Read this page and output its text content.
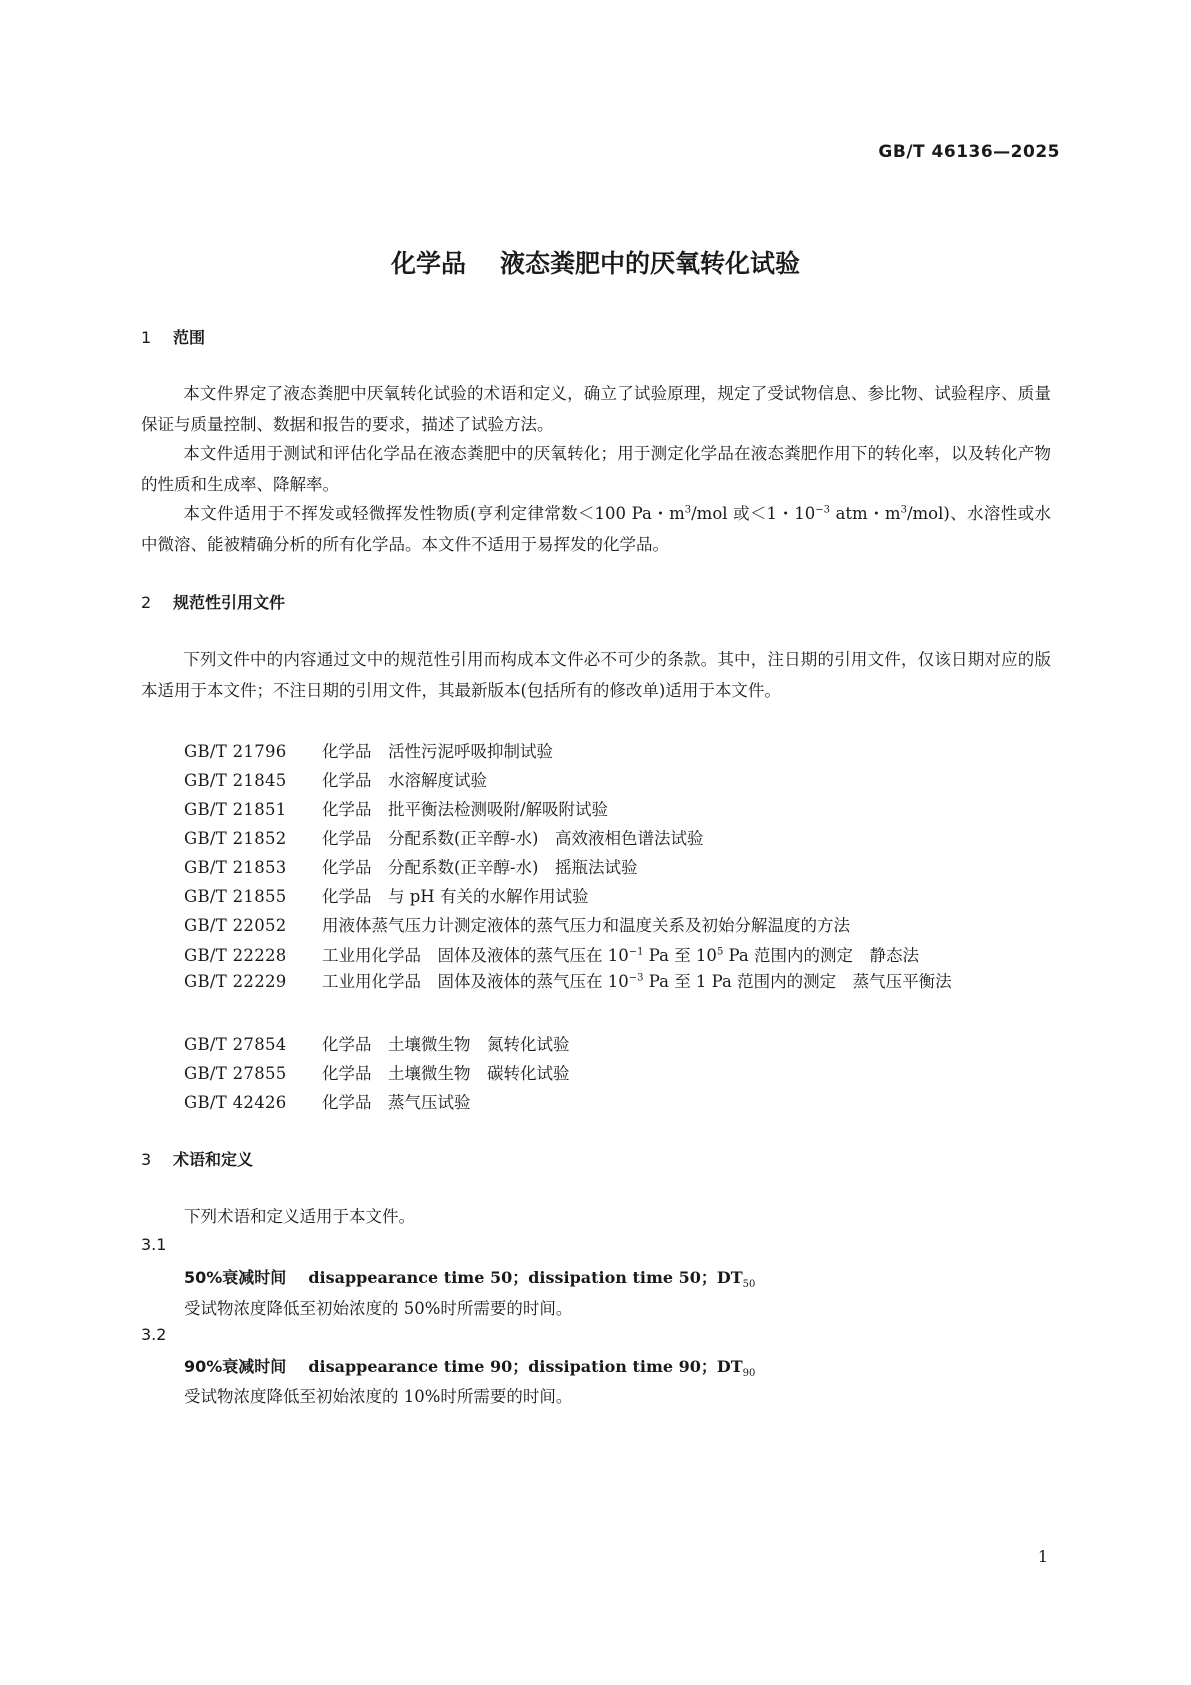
GB/T 46136—2025
化学品 液态粪肥中的厌氧转化试验
1 范围
本文件界定了液态粪肥中厌氧转化试验的术语和定义，确立了试验原理，规定了受试物信息、参比物、试验程序、质量保证与质量控制、数据和报告的要求，描述了试验方法。
本文件适用于测试和评估化学品在液态粪肥中的厌氧转化；用于测定化学品在液态粪肥作用下的转化率，以及转化产物的性质和生成率、降解率。
本文件适用于不挥发或轻微挥发性物质(亨利定律常数＜100 Pa・$m^3$/mol 或＜1・$10^{-3}$ atm・$m^3/mol$)、水溶性或水中微溶、能被精确分析的所有化学品。本文件不适用于易挥发的化学品。
2 规范性引用文件
下列文件中的内容通过文中的规范性引用而构成本文件必不可少的条款。其中，注日期的引用文件，仅该日期对应的版本适用于本文件；不注日期的引用文件，其最新版本(包括所有的修改单)适用于本文件。
GB/T 21796 化学品　活性污泥呼吸抑制试验
GB/T 21845 化学品　水溶解度试验
GB/T 21851 化学品　批平衡法检测吸附/解吸附试验
GB/T 21852 化学品　分配系数(正辛醇-水)　高效液相色谱法试验
GB/T 21853 化学品　分配系数(正辛醇-水)　摇瓶法试验
GB/T 21855 化学品　与 pH 有关的水解作用试验
GB/T 22052 用液体蒸气压力计测定液体的蒸气压力和温度关系及初始分解温度的方法
GB/T 22228 工业用化学品　固体及液体的蒸气压在 $10^{-1}$ Pa 至 $10^5$ Pa 范围内的测定　静态法
GB/T 22229 工业用化学品　固体及液体的蒸气压在 $10^{-3}$ Pa 至 1 Pa 范围内的测定　蒸气压平衡法
GB/T 27854 化学品　土壤微生物　氮转化试验
GB/T 27855 化学品　土壤微生物　碳转化试验
GB/T 42426 化学品　蒸气压试验
3 术语和定义
下列术语和定义适用于本文件。
3.1
50%衰减时间 disappearance time 50；dissipation time 50；$DT_{50}$
受试物浓度降低至初始浓度的 50%时所需要的时间。
3.2
90%衰减时间 disappearance time 90；dissipation time 90；$DT_{90}$
受试物浓度降低至初始浓度的 10%时所需要的时间。
1
